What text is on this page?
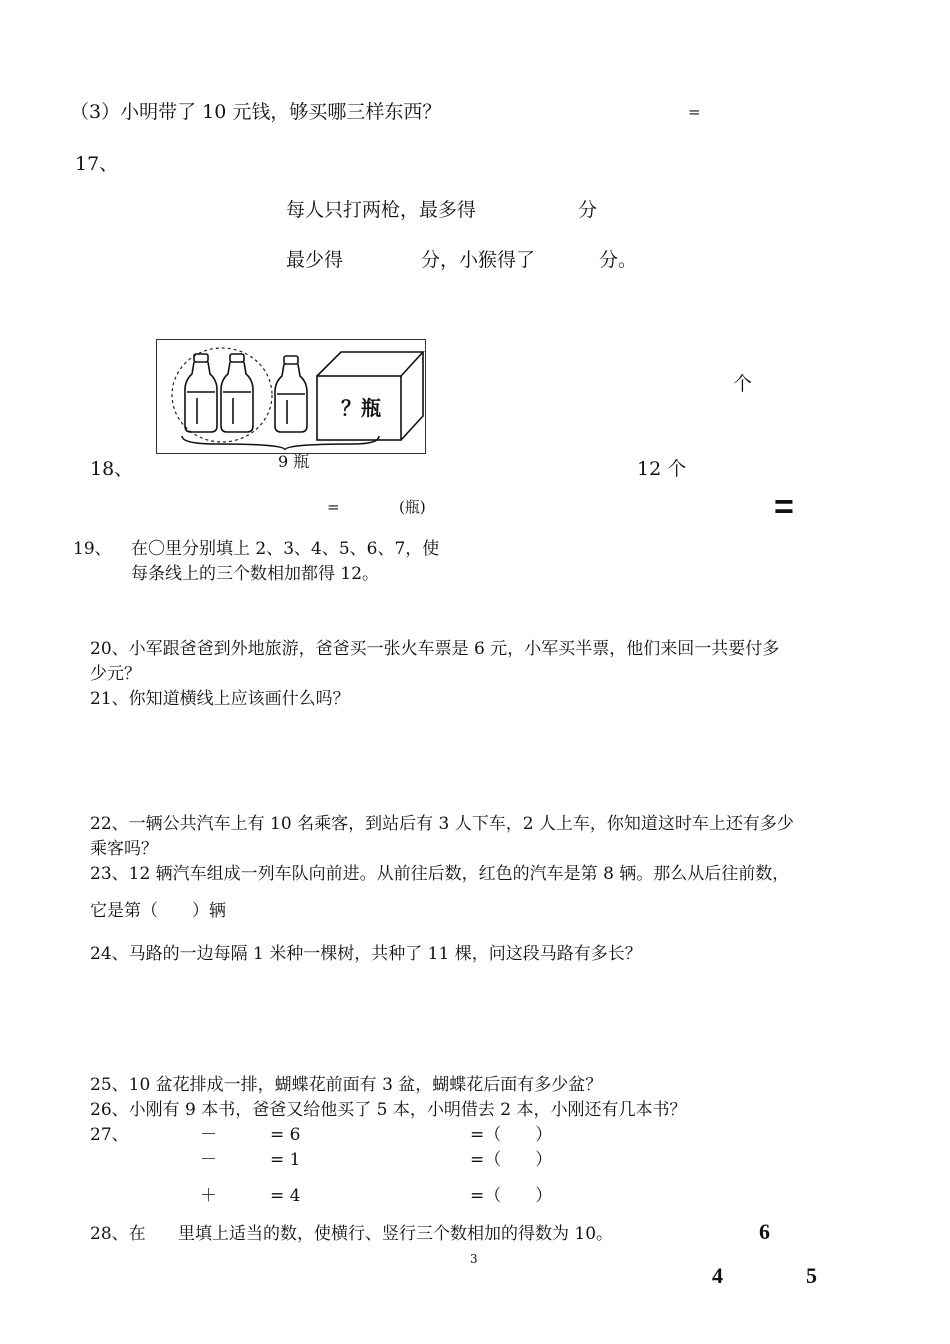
（3）小明带了 10 元钱，够买哪三样东西？	=
17、
每人只打两枪，最多得	分
最少得	分，小猴得了	分。
？瓶
9 瓶
个
18、	12 个
=	(瓶)	=
19、 在〇里分别填上 2、3、4、5、6、7，使
每条线上的三个数相加都得 12。
20、小军跟爸爸到外地旅游，爸爸买一张火车票是 6 元，小军买半票，他们来回一共要付多
少元？
21、你知道横线上应该画什么吗？
22、一辆公共汽车上有 10 名乘客，到站后有 3 人下车，2 人上车，你知道这时车上还有多少
乘客吗？
23、12 辆汽车组成一列车队向前进。从前往后数，红色的汽车是第 8 辆。那么从后往前数，
它是第（　　）辆
24、马路的一边每隔 1 米种一棵树，共种了 11 棵，问这段马路有多长？
25、10 盆花排成一排，蝴蝶花前面有 3 盆，蝴蝶花后面有多少盆？
26、小刚有 9 本书，爸爸又给他买了 5 本，小明借去 2 本，小刚还有几本书？
27、	－	= 6	=（　　）
－	= 1	=（　　）
＋	= 4	=（　　）
28、在 里填上适当的数，使横行、竖行三个数相加的得数为 10。	6
4	5
3
